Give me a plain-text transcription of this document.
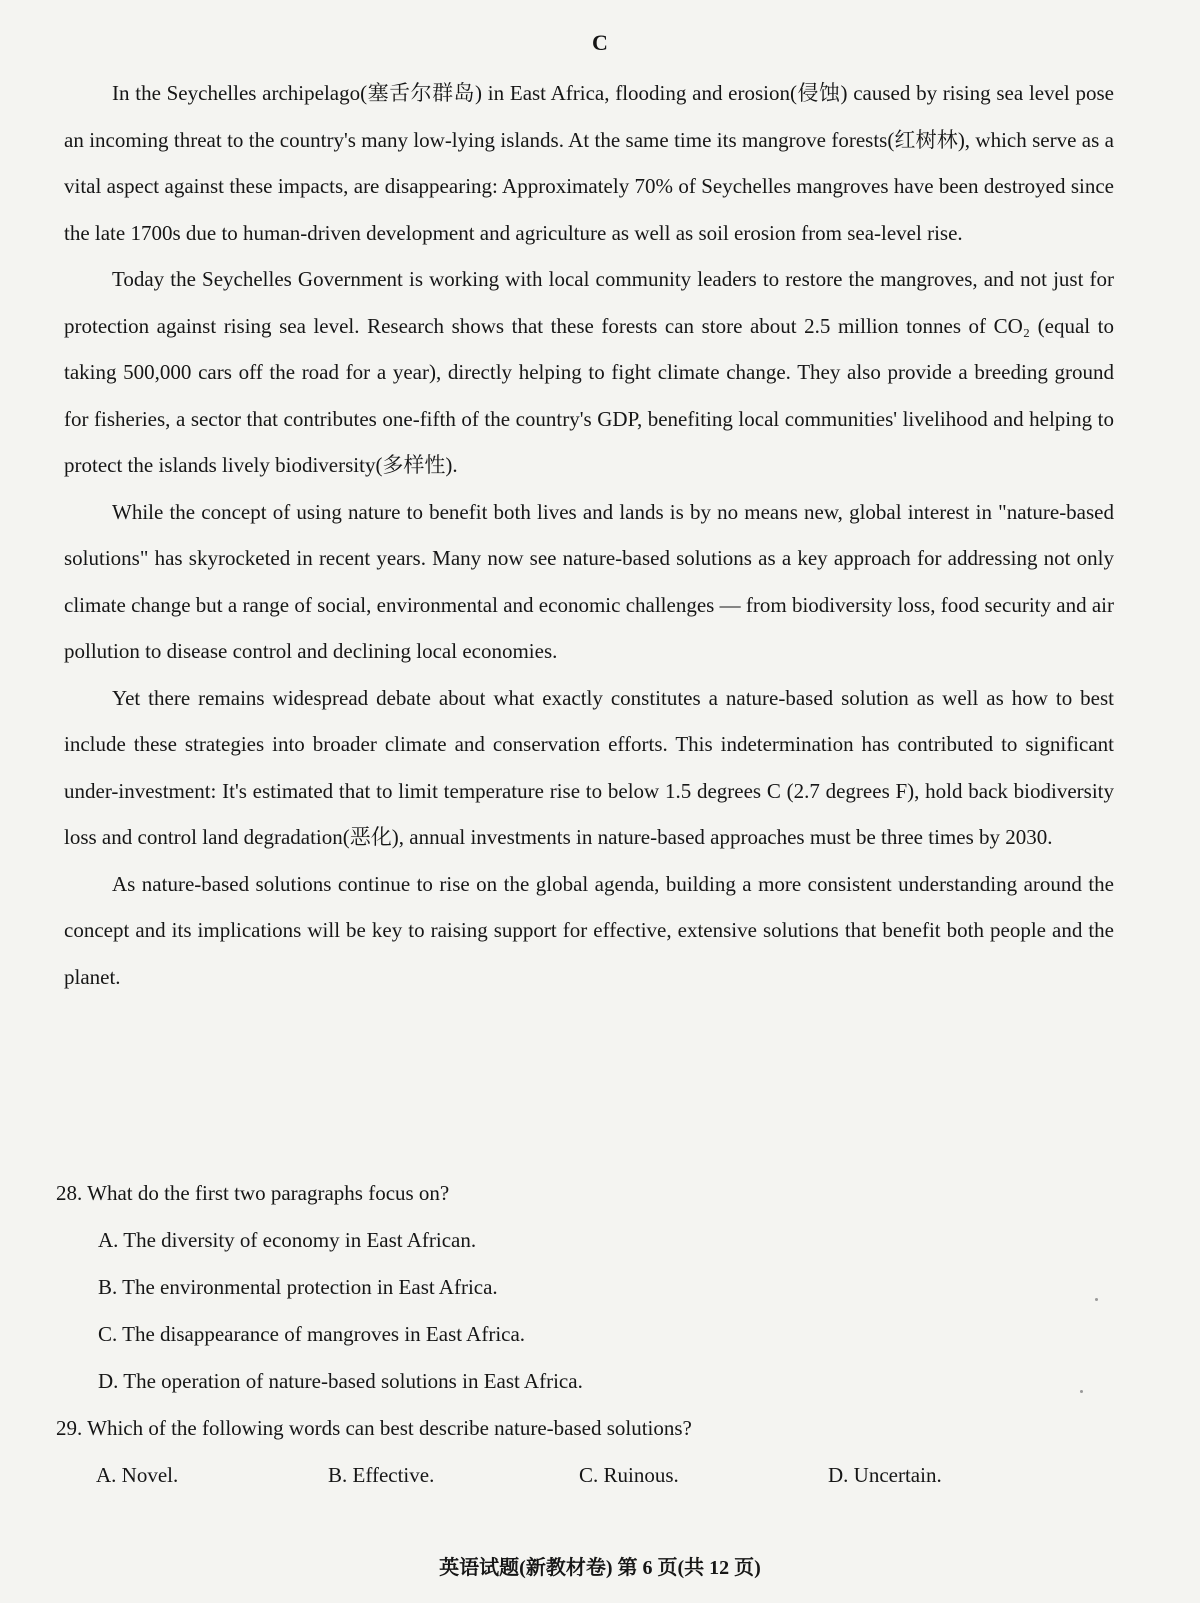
C

In the Seychelles archipelago(塞舌尔群岛) in East Africa, flooding and erosion(侵蚀) caused by rising sea level pose an incoming threat to the country's many low-lying islands. At the same time its mangrove forests(红树林), which serve as a vital aspect against these impacts, are disappearing: Approximately 70% of Seychelles mangroves have been destroyed since the late 1700s due to human-driven development and agriculture as well as soil erosion from sea-level rise.

Today the Seychelles Government is working with local community leaders to restore the mangroves, and not just for protection against rising sea level. Research shows that these forests can store about 2.5 million tonnes of CO₂ (equal to taking 500,000 cars off the road for a year), directly helping to fight climate change. They also provide a breeding ground for fisheries, a sector that contributes one-fifth of the country's GDP, benefiting local communities' livelihood and helping to protect the islands lively biodiversity(多样性).

While the concept of using nature to benefit both lives and lands is by no means new, global interest in "nature-based solutions" has skyrocketed in recent years. Many now see nature-based solutions as a key approach for addressing not only climate change but a range of social, environmental and economic challenges — from biodiversity loss, food security and air pollution to disease control and declining local economies.

Yet there remains widespread debate about what exactly constitutes a nature-based solution as well as how to best include these strategies into broader climate and conservation efforts. This indetermination has contributed to significant under-investment: It's estimated that to limit temperature rise to below 1.5 degrees C (2.7 degrees F), hold back biodiversity loss and control land degradation(恶化), annual investments in nature-based approaches must be three times by 2030.

As nature-based solutions continue to rise on the global agenda, building a more consistent understanding around the concept and its implications will be key to raising support for effective, extensive solutions that benefit both people and the planet.

28. What do the first two paragraphs focus on?

A. The diversity of economy in East African.

B. The environmental protection in East Africa.

C. The disappearance of mangroves in East Africa.

D. The operation of nature-based solutions in East Africa.

29. Which of the following words can best describe nature-based solutions?

A. Novel.	B. Effective.	C. Ruinous.	D. Uncertain.
英语试题(新教材卷) 第 6 页(共 12 页)
